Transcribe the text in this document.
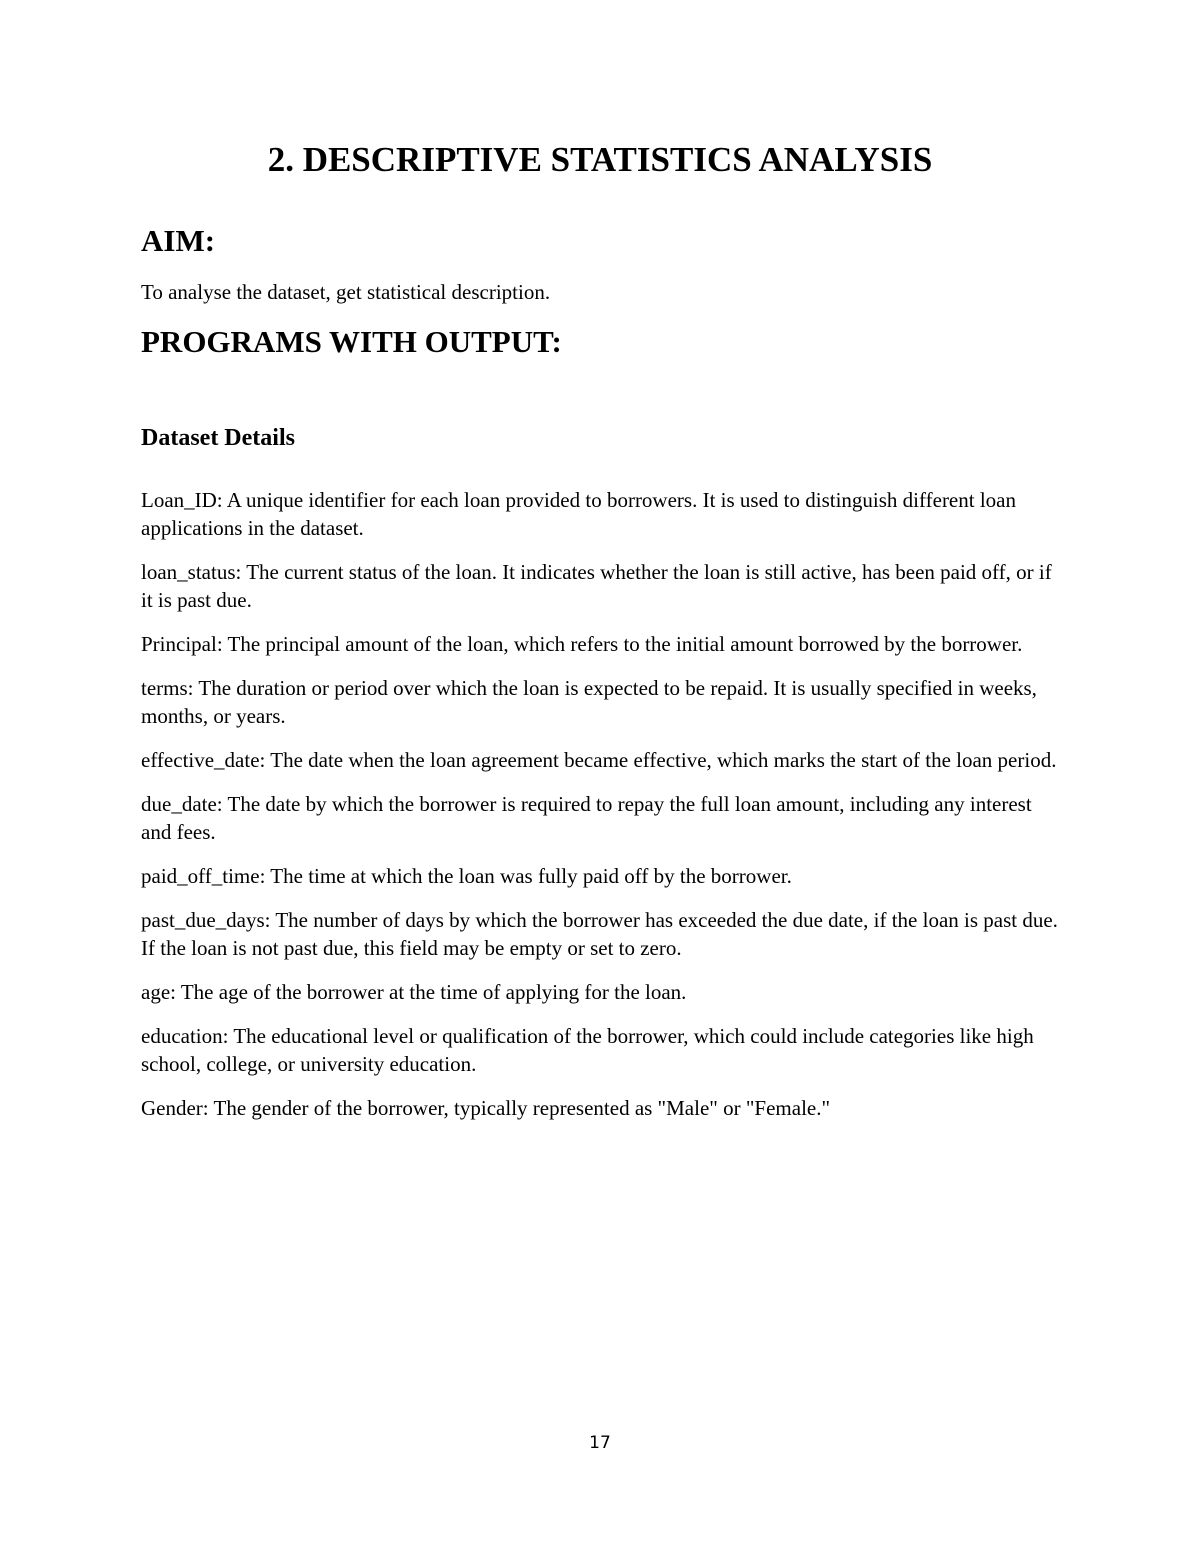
2. DESCRIPTIVE STATISTICS ANALYSIS
AIM:

To analyse the dataset, get statistical description.

PROGRAMS WITH OUTPUT:
Dataset Details

Loan_ID: A unique identifier for each loan provided to borrowers. It is used to distinguish different loan applications in the dataset.

loan_status: The current status of the loan. It indicates whether the loan is still active, has been paid off, or if it is past due.

Principal: The principal amount of the loan, which refers to the initial amount borrowed by the borrower.

terms: The duration or period over which the loan is expected to be repaid. It is usually specified in weeks, months, or years.

effective_date: The date when the loan agreement became effective, which marks the start of the loan period.

due_date: The date by which the borrower is required to repay the full loan amount, including any interest and fees.

paid_off_time: The time at which the loan was fully paid off by the borrower.

past_due_days: The number of days by which the borrower has exceeded the due date, if the loan is past due. If the loan is not past due, this field may be empty or set to zero.

age: The age of the borrower at the time of applying for the loan.

education: The educational level or qualification of the borrower, which could include categories like high school, college, or university education.

Gender: The gender of the borrower, typically represented as "Male" or "Female."

17
